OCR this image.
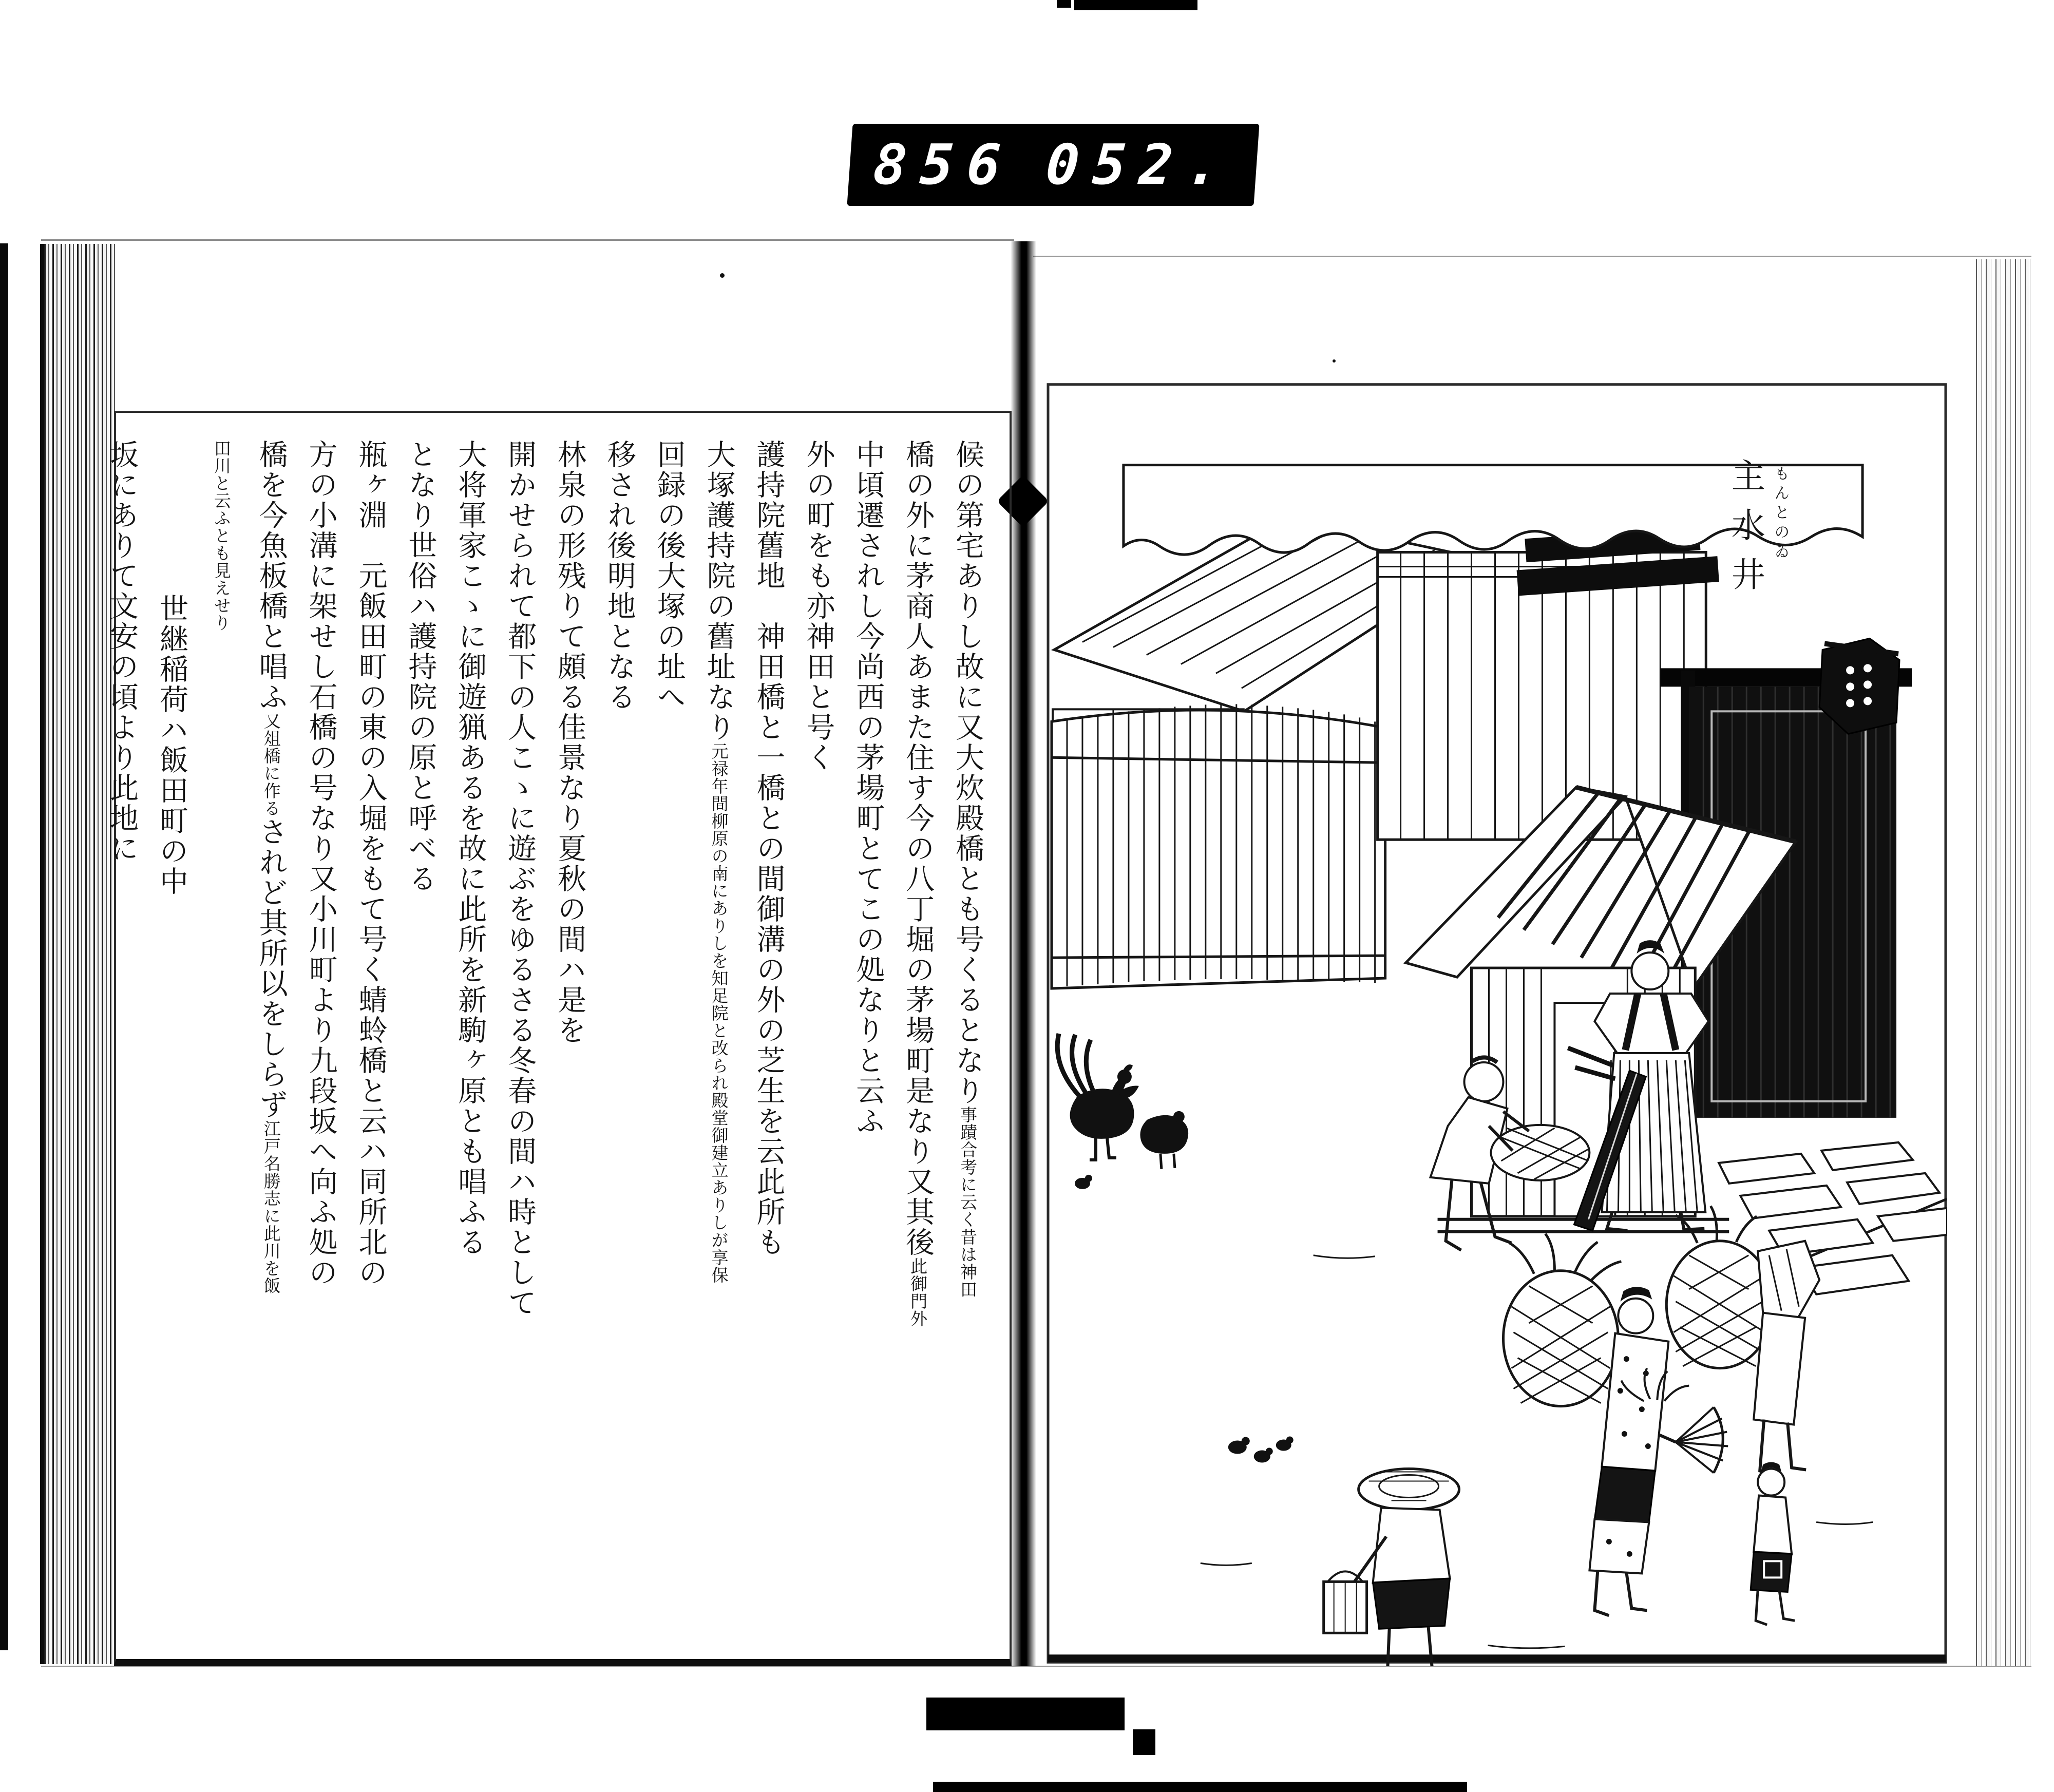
856 052.
候の第宅ありし故に又大炊殿橋とも号くるとなり事蹟合考に云く昔は神田
橋の外に茅商人あまた住す今の八丁堀の茅場町是なり又其後此御門外
中頃遷されし今尚西の茅場町とてこの処なりと云ふ
外の町をも亦神田と号く
護持院舊地　神田橋と一橋との間御溝の外の芝生を云此所も
大塚護持院の舊址なり元禄年間柳原の南にありしを知足院と改られ殿堂御建立ありしが享保
回録の後大塚の址へ
移され後明地となる
林泉の形残りて頗る佳景なり夏秋の間ハ是を
開かせられて都下の人こゝに遊ぶをゆるさる冬春の間ハ時として
大将軍家こゝに御遊猟あるを故に此所を新駒ヶ原とも唱ふる
となり世俗ハ護持院の原と呼べる
瓶ヶ淵　元飯田町の東の入堀をもて号く蜻蛉橋と云ハ同所北の
方の小溝に架せし石橋の号なり又小川町より九段坂へ向ふ処の
橋を今魚板橋と唱ふ又俎橋に作るされど其所以をしらず江戸名勝志に此川を飯
田川と云ふとも見えせり
世継稲荷ハ飯田町の中
坂にありて文安の頃より此地に	もんとのゐ
主水井
